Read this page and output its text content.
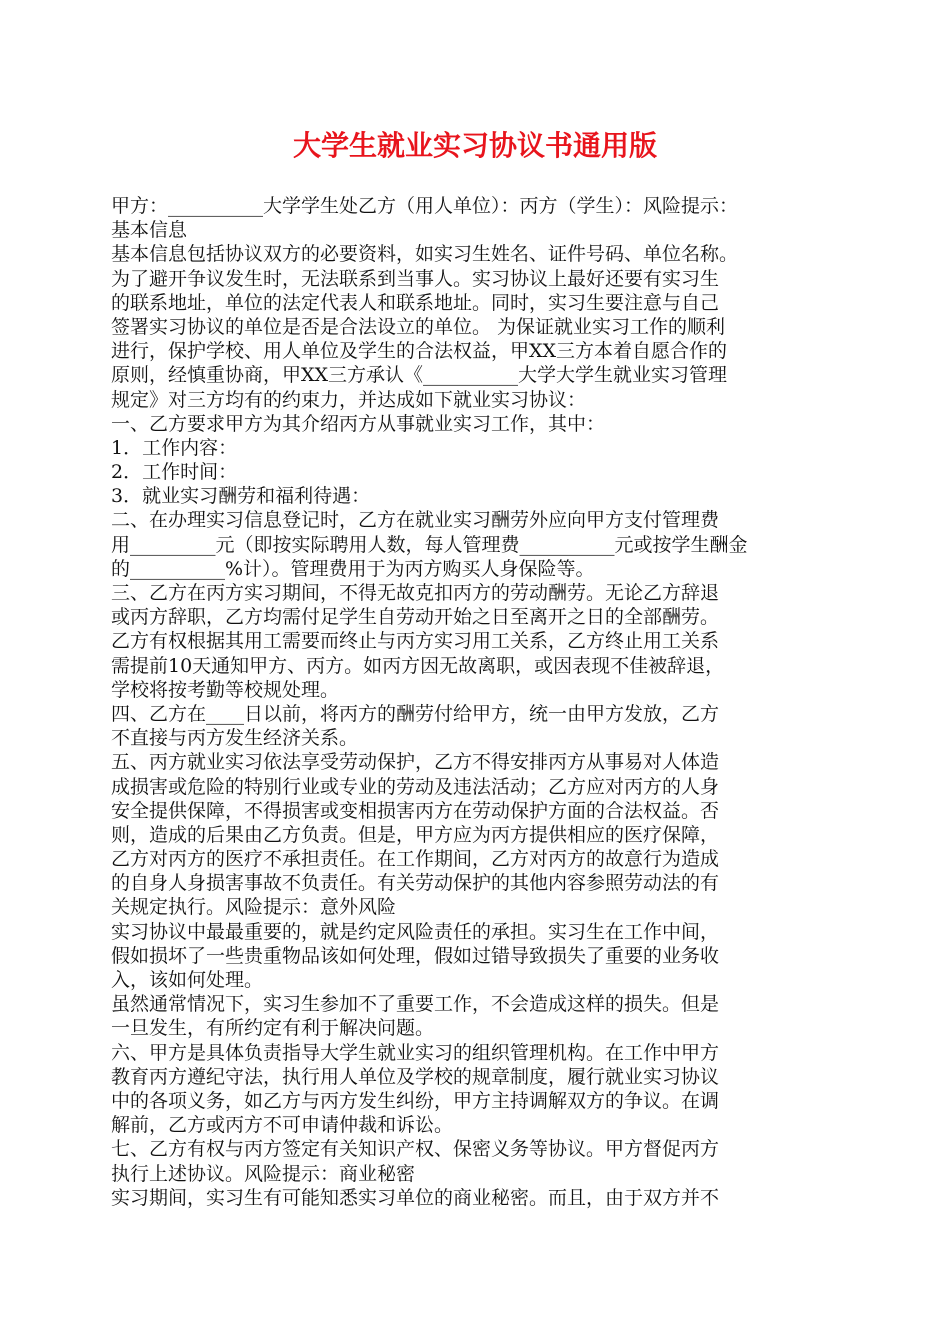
大学生就业实习协议书通用版
甲方：__________大学学生处乙方（用人单位）：丙方（学生）：风险提示：
基本信息
基本信息包括协议双方的必要资料，如实习生姓名、证件号码、单位名称。
为了避开争议发生时，无法联系到当事人。实习协议上最好还要有实习生
的联系地址，单位的法定代表人和联系地址。同时，实习生要注意与自己
签署实习协议的单位是否是合法设立的单位。 为保证就业实习工作的顺利
进行，保护学校、用人单位及学生的合法权益，甲XX三方本着自愿合作的
原则，经慎重协商，甲XX三方承认《__________大学大学生就业实习管理
规定》对三方均有的约束力，并达成如下就业实习协议：
一、乙方要求甲方为其介绍丙方从事就业实习工作，其中：
1．工作内容：
2．工作时间：
3．就业实习酬劳和福利待遇：
二、在办理实习信息登记时，乙方在就业实习酬劳外应向甲方支付管理费
用_________元（即按实际聘用人数，每人管理费__________元或按学生酬金
的__________%计）。管理费用于为丙方购买人身保险等。
三、乙方在丙方实习期间，不得无故克扣丙方的劳动酬劳。无论乙方辞退
或丙方辞职，乙方均需付足学生自劳动开始之日至离开之日的全部酬劳。
乙方有权根据其用工需要而终止与丙方实习用工关系，乙方终止用工关系
需提前10天通知甲方、丙方。如丙方因无故离职，或因表现不佳被辞退，
学校将按考勤等校规处理。
四、乙方在____日以前，将丙方的酬劳付给甲方，统一由甲方发放，乙方
不直接与丙方发生经济关系。
五、丙方就业实习依法享受劳动保护，乙方不得安排丙方从事易对人体造
成损害或危险的特别行业或专业的劳动及违法活动；乙方应对丙方的人身
安全提供保障，不得损害或变相损害丙方在劳动保护方面的合法权益。否
则，造成的后果由乙方负责。但是，甲方应为丙方提供相应的医疗保障，
乙方对丙方的医疗不承担责任。在工作期间，乙方对丙方的故意行为造成
的自身人身损害事故不负责任。有关劳动保护的其他内容参照劳动法的有
关规定执行。风险提示：意外风险
实习协议中最最重要的，就是约定风险责任的承担。实习生在工作中间，
假如损坏了一些贵重物品该如何处理，假如过错导致损失了重要的业务收
入，该如何处理。
虽然通常情况下，实习生参加不了重要工作，不会造成这样的损失。但是
一旦发生，有所约定有利于解决问题。
六、甲方是具体负责指导大学生就业实习的组织管理机构。在工作中甲方
教育丙方遵纪守法，执行用人单位及学校的规章制度，履行就业实习协议
中的各项义务，如乙方与丙方发生纠纷，甲方主持调解双方的争议。在调
解前，乙方或丙方不可申请仲裁和诉讼。
七、乙方有权与丙方签定有关知识产权、保密义务等协议。甲方督促丙方
执行上述协议。风险提示：商业秘密
实习期间，实习生有可能知悉实习单位的商业秘密。而且，由于双方并不
